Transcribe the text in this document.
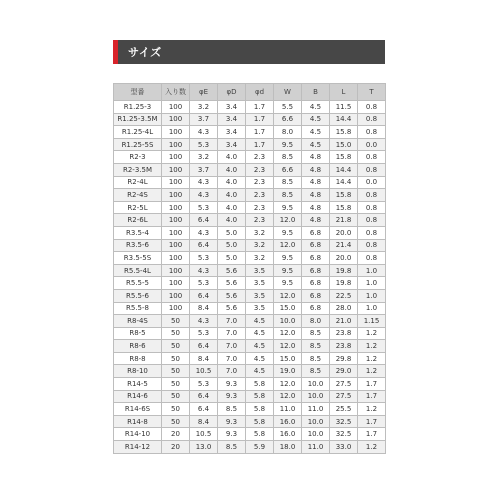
サイズ
型番	入り数	φE	φD	φd	W	B	L	T
R1.25-3	100	3.2	3.4	1.7	5.5	4.5	11.5	0.8
R1.25-3.5M	100	3.7	3.4	1.7	6.6	4.5	14.4	0.8
R1.25-4L	100	4.3	3.4	1.7	8.0	4.5	15.8	0.8
R1.25-5S	100	5.3	3.4	1.7	9.5	4.5	15.0	0.0
R2-3	100	3.2	4.0	2.3	8.5	4.8	15.8	0.8
R2-3.5M	100	3.7	4.0	2.3	6.6	4.8	14.4	0.8
R2-4L	100	4.3	4.0	2.3	8.5	4.8	14.4	0.0
R2-4S	100	4.3	4.0	2.3	8.5	4.8	15.8	0.8
R2-5L	100	5.3	4.0	2.3	9.5	4.8	15.8	0.8
R2-6L	100	6.4	4.0	2.3	12.0	4.8	21.8	0.8
R3.5-4	100	4.3	5.0	3.2	9.5	6.8	20.0	0.8
R3.5-6	100	6.4	5.0	3.2	12.0	6.8	21.4	0.8
R3.5-5S	100	5.3	5.0	3.2	9.5	6.8	20.0	0.8
R5.5-4L	100	4.3	5.6	3.5	9.5	6.8	19.8	1.0
R5.5-5	100	5.3	5.6	3.5	9.5	6.8	19.8	1.0
R5.5-6	100	6.4	5.6	3.5	12.0	6.8	22.5	1.0
R5.5-8	100	8.4	5.6	3.5	15.0	6.8	28.0	1.0
R8-4S	50	4.3	7.0	4.5	10.0	8.0	21.0	1.15
R8-5	50	5.3	7.0	4.5	12.0	8.5	23.8	1.2
R8-6	50	6.4	7.0	4.5	12.0	8.5	23.8	1.2
R8-8	50	8.4	7.0	4.5	15.0	8.5	29.8	1.2
R8-10	50	10.5	7.0	4.5	19.0	8.5	29.0	1.2
R14-5	50	5.3	9.3	5.8	12.0	10.0	27.5	1.7
R14-6	50	6.4	9.3	5.8	12.0	10.0	27.5	1.7
R14-6S	50	6.4	8.5	5.8	11.0	11.0	25.5	1.2
R14-8	50	8.4	9.3	5.8	16.0	10.0	32.5	1.7
R14-10	20	10.5	9.3	5.8	16.0	10.0	32.5	1.7
R14-12	20	13.0	8.5	5.9	18.0	11.0	33.0	1.2
